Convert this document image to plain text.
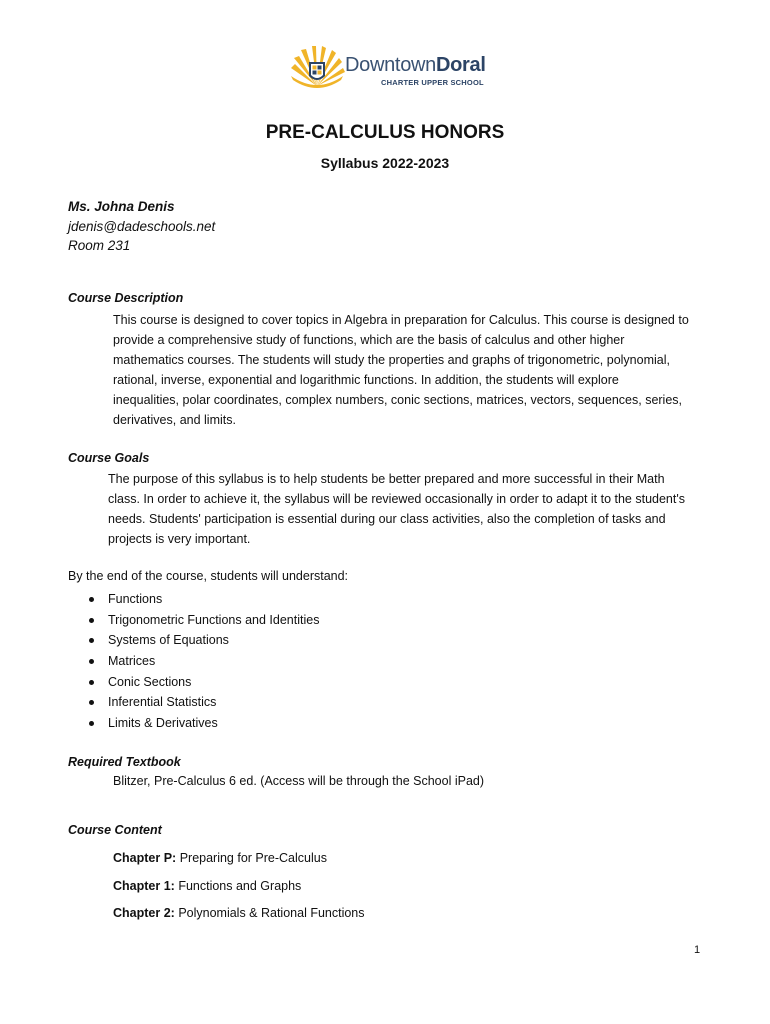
DowntownDoral
CHARTER UPPER SCHOOL
PRE-CALCULUS HONORS
Syllabus 2022-2023
Ms. Johna Denis
jdenis@dadeschools.net
Room 231
Course Description
This course is designed to cover topics in Algebra in preparation for Calculus. This course is designed to
provide a comprehensive study of functions, which are the basis of calculus and other higher
mathematics courses. The students will study the properties and graphs of trigonometric, polynomial,
rational, inverse, exponential and logarithmic functions. In addition, the students will explore
inequalities, polar coordinates, complex numbers, conic sections, matrices, vectors, sequences, series,
derivatives, and limits.
Course Goals
The purpose of this syllabus is to help students be better prepared and more successful in their Math
class. In order to achieve it, the syllabus will be reviewed occasionally in order to adapt it to the student's
needs. Students' participation is essential during our class activities, also the completion of tasks and
projects is very important.
By the end of the course, students will understand:
Functions
Trigonometric Functions and Identities
Systems of Equations
Matrices
Conic Sections
Inferential Statistics
Limits & Derivatives
Required Textbook
Blitzer, Pre-Calculus 6 ed. (Access will be through the School iPad)
Course Content
Chapter P: Preparing for Pre-Calculus
Chapter 1: Functions and Graphs
Chapter 2: Polynomials & Rational Functions
1
